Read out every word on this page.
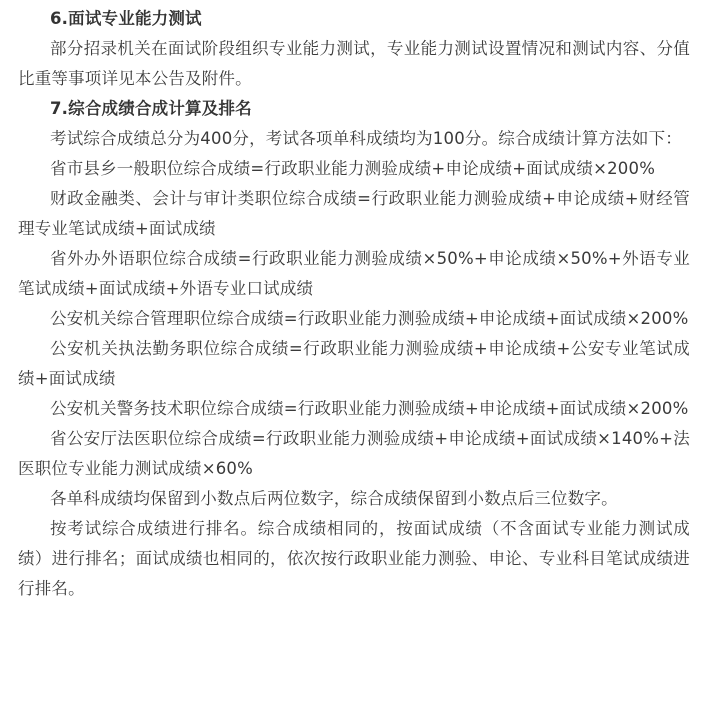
6.面试专业能力测试

部分招录机关在面试阶段组织专业能力测试，专业能力测试设置情况和测试内容、分值比重等事项详见本公告及附件。

7.综合成绩合成计算及排名

考试综合成绩总分为400分，考试各项单科成绩均为100分。综合成绩计算方法如下：

省市县乡一般职位综合成绩=行政职业能力测验成绩+申论成绩+面试成绩×200%

财政金融类、会计与审计类职位综合成绩=行政职业能力测验成绩+申论成绩+财经管理专业笔试成绩+面试成绩

省外办外语职位综合成绩=行政职业能力测验成绩×50%+申论成绩×50%+外语专业笔试成绩+面试成绩+外语专业口试成绩

公安机关综合管理职位综合成绩=行政职业能力测验成绩+申论成绩+面试成绩×200%

公安机关执法勤务职位综合成绩=行政职业能力测验成绩+申论成绩+公安专业笔试成绩+面试成绩

公安机关警务技术职位综合成绩=行政职业能力测验成绩+申论成绩+面试成绩×200%

省公安厅法医职位综合成绩=行政职业能力测验成绩+申论成绩+面试成绩×140%+法医职位专业能力测试成绩×60%

各单科成绩均保留到小数点后两位数字，综合成绩保留到小数点后三位数字。

按考试综合成绩进行排名。综合成绩相同的，按面试成绩（不含面试专业能力测试成绩）进行排名；面试成绩也相同的，依次按行政职业能力测验、申论、专业科目笔试成绩进行排名。
